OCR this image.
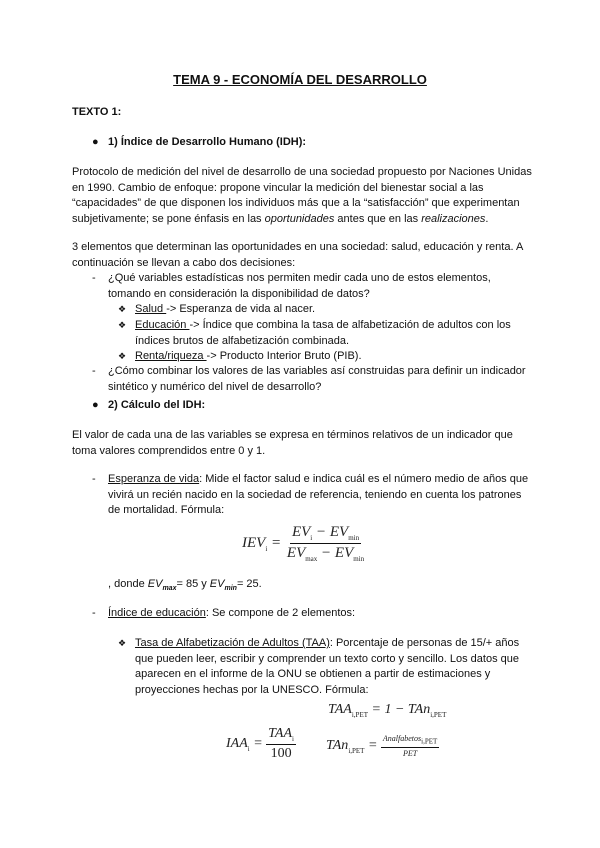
TEMA 9 - ECONOMÍA DEL DESARROLLO
TEXTO 1:
● 1) Índice de Desarrollo Humano (IDH):
Protocolo de medición del nivel de desarrollo de una sociedad propuesto por Naciones Unidas en 1990. Cambio de enfoque: propone vincular la medición del bienestar social a las “capacidades” de que disponen los individuos más que a la “satisfacción” que experimentan subjetivamente; se pone énfasis en las oportunidades antes que en las realizaciones.
3 elementos que determinan las oportunidades en una sociedad: salud, educación y renta. A continuación se llevan a cabo dos decisiones:
- ¿Qué variables estadísticas nos permiten medir cada uno de estos elementos, tomando en consideración la disponibilidad de datos?
❖ Salud -> Esperanza de vida al nacer.
❖ Educación -> Índice que combina la tasa de alfabetización de adultos con los índices brutos de alfabetización combinada.
❖ Renta/riqueza -> Producto Interior Bruto (PIB).
- ¿Cómo combinar los valores de las variables así construidas para definir un indicador sintético y numérico del nivel de desarrollo?
● 2) Cálculo del IDH:
El valor de cada una de las variables se expresa en términos relativos de un indicador que toma valores comprendidos entre 0 y 1.
- Esperanza de vida: Mide el factor salud e indica cuál es el número medio de años que vivirá un recién nacido en la sociedad de referencia, teniendo en cuenta los patrones de mortalidad. Fórmula:
$IEV_i = \frac{EV_i - EV_{min}}{EV_{max} - EV_{min}}$
, donde $EV_{max}= 85$ y $EV_{min}= 25$.
- Índice de educación: Se compone de 2 elementos:
❖ Tasa de Alfabetización de Adultos (TAA): Porcentaje de personas de 15/+ años que pueden leer, escribir y comprender un texto corto y sencillo. Los datos que aparecen en el informe de la ONU se obtienen a partir de estimaciones y proyecciones hechas por la UNESCO. Fórmula:
$TAA_{i,PET} = 1 - TAn_{i,PET}$
$IAA_i = \frac{TAA_i}{100} TAn_{i,PET} = \frac{Analfabetos_{i,PET}}{\text{PET}}$
